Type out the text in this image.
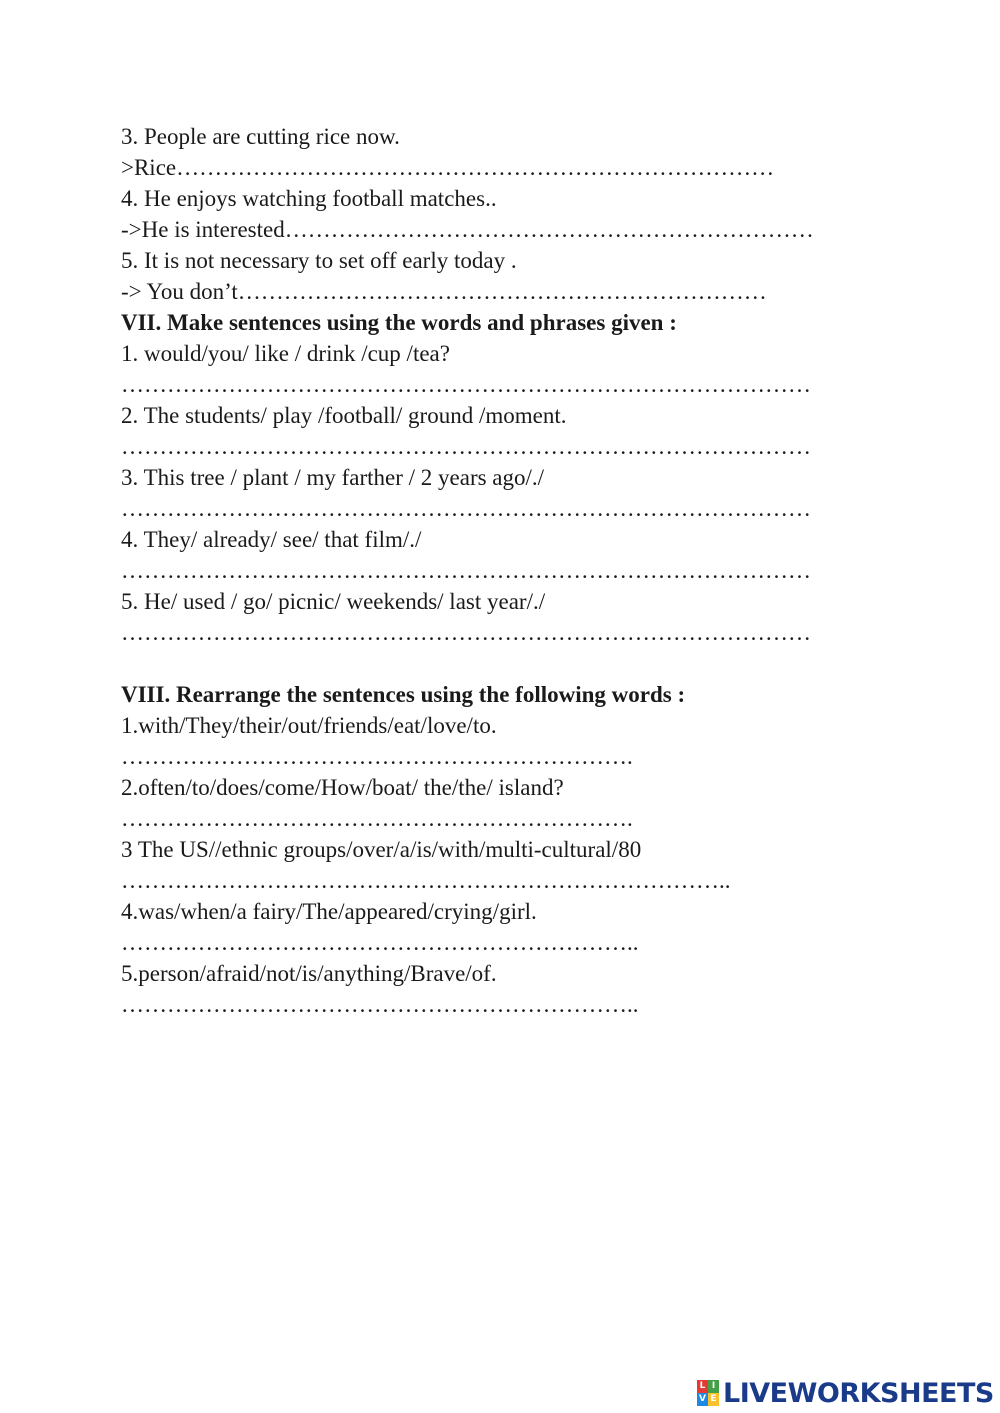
3. People are cutting rice now.
>Rice……………………………………………………………………
4. He enjoys watching football matches..
->He is interested……………………………………………………………
5. It is not necessary to set off early today .
-> You don’t……………………………………………………………
VII. Make sentences using the words and phrases given :
1. would/you/ like / drink /cup /tea?
………………………………………………………………………………
2. The students/ play /football/ ground /moment.
………………………………………………………………………………
3. This tree / plant / my farther / 2 years ago/./
………………………………………………………………………………
4. They/ already/ see/ that film/./
………………………………………………………………………………
5. He/ used / go/ picnic/ weekends/ last year/./
………………………………………………………………………………
VIII. Rearrange the sentences using the following words :
1.with/They/their/out/friends/eat/love/to.
………………………………………………………….
2.often/to/does/come/How/boat/ the/the/ island?
………………………………………………………….
3 The US//ethnic groups/over/a/is/with/multi-cultural/80
……………………………………………………………………..
4.was/when/a fairy/The/appeared/crying/girl.
…………………………………………………………..
5.person/afraid/not/is/anything/Brave/of.
…………………………………………………………..
L I
V E LIVEWORKSHEETS
